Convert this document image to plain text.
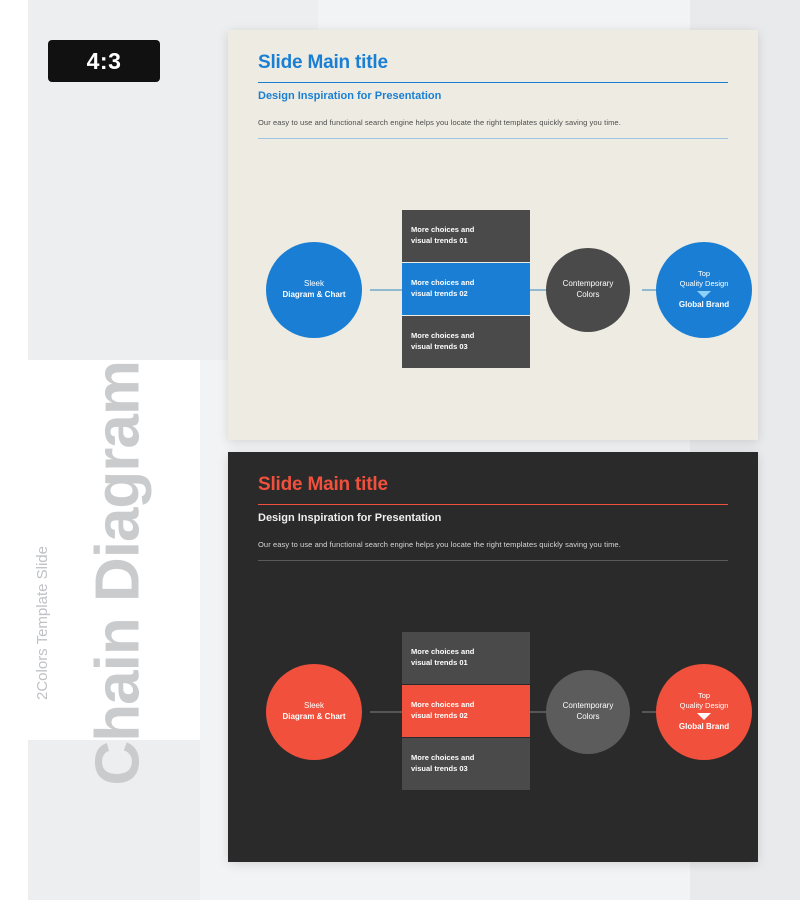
4:3
Chain Diagram
2Colors Template Slide
Slide Main title
Design Inspiration for Presentation
Our easy to use and functional search engine helps you locate the right templates quickly saving you time.
Sleek
Diagram & Chart
More choices and
visual trends 01
More choices and
visual trends 02
More choices and
visual trends 03
Contemporary
Colors
Top
Quality Design
Global Brand
Slide Main title
Design Inspiration for Presentation
Our easy to use and functional search engine helps you locate the right templates quickly saving you time.
Sleek
Diagram & Chart
More choices and
visual trends 01
More choices and
visual trends 02
More choices and
visual trends 03
Contemporary
Colors
Top
Quality Design
Global Brand
